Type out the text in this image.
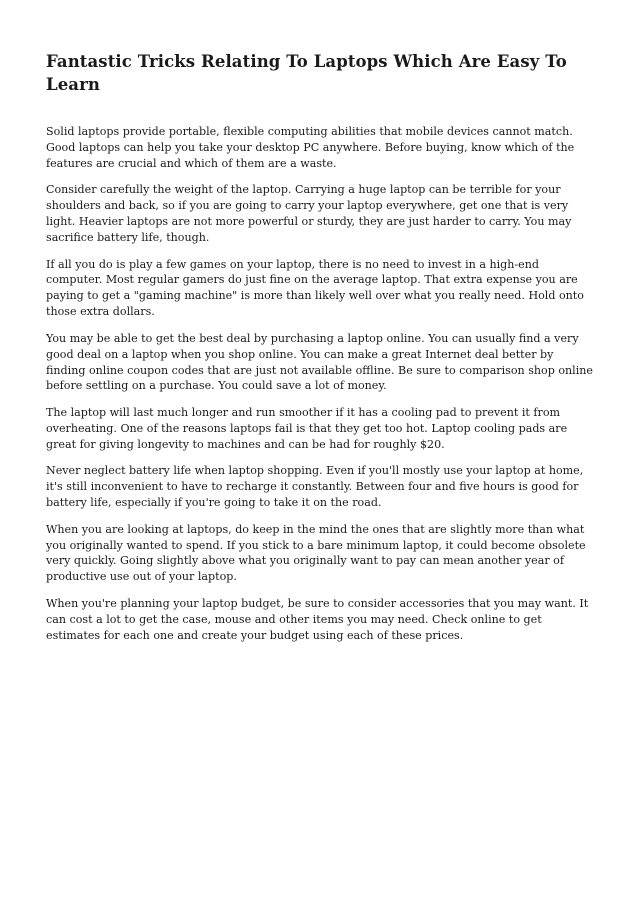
Fantastic Tricks Relating To Laptops Which Are Easy To Learn

Solid laptops provide portable, flexible computing abilities that mobile devices cannot match. Good laptops can help you take your desktop PC anywhere. Before buying, know which of the features are crucial and which of them are a waste.

Consider carefully the weight of the laptop. Carrying a huge laptop can be terrible for your shoulders and back, so if you are going to carry your laptop everywhere, get one that is very light. Heavier laptops are not more powerful or sturdy, they are just harder to carry. You may sacrifice battery life, though.

If all you do is play a few games on your laptop, there is no need to invest in a high-end computer. Most regular gamers do just fine on the average laptop. That extra expense you are paying to get a "gaming machine" is more than likely well over what you really need. Hold onto those extra dollars.

You may be able to get the best deal by purchasing a laptop online. You can usually find a very good deal on a laptop when you shop online. You can make a great Internet deal better by finding online coupon codes that are just not available offline. Be sure to comparison shop online before settling on a purchase. You could save a lot of money.

The laptop will last much longer and run smoother if it has a cooling pad to prevent it from overheating. One of the reasons laptops fail is that they get too hot. Laptop cooling pads are great for giving longevity to machines and can be had for roughly $20.

Never neglect battery life when laptop shopping. Even if you'll mostly use your laptop at home, it's still inconvenient to have to recharge it constantly. Between four and five hours is good for battery life, especially if you're going to take it on the road.

When you are looking at laptops, do keep in the mind the ones that are slightly more than what you originally wanted to spend. If you stick to a bare minimum laptop, it could become obsolete very quickly. Going slightly above what you originally want to pay can mean another year of productive use out of your laptop.

When you're planning your laptop budget, be sure to consider accessories that you may want. It can cost a lot to get the case, mouse and other items you may need. Check online to get estimates for each one and create your budget using each of these prices.
